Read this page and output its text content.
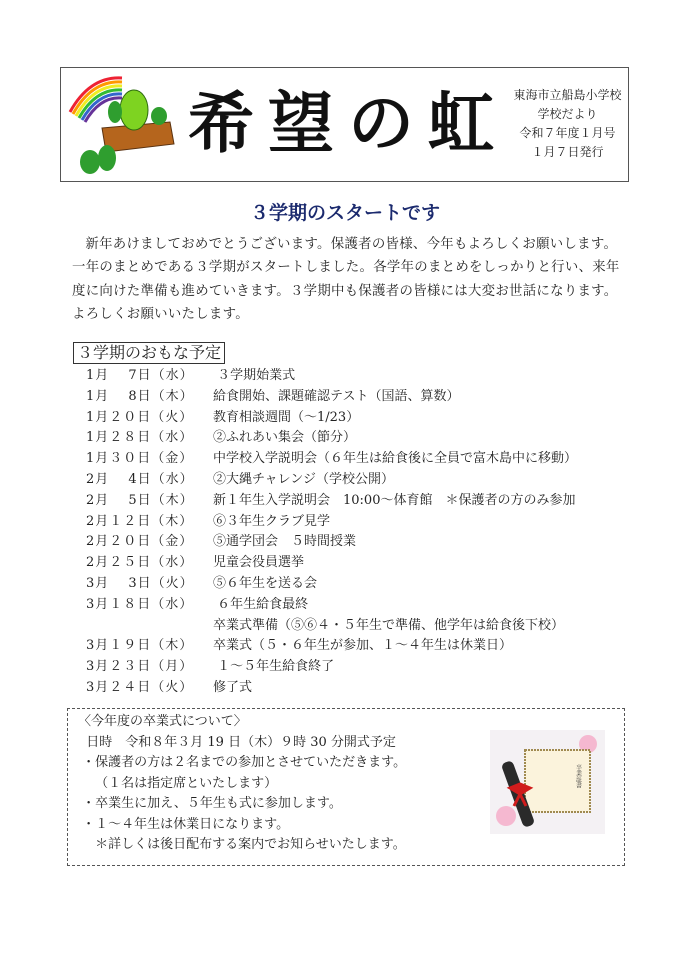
希望の虹 東海市立船島小学校
学校だより
令和７年度１月号
１月７日発行
３学期のスタートです
新年あけましておめでとうございます。保護者の皆様、今年もよろしくお願いします。一年のまとめである３学期がスタートしました。各学年のまとめをしっかりと行い、来年度に向けた準備も進めていきます。３学期中も保護者の皆様には大変お世話になります。よろしくお願いいたします。
３学期のおもな予定
1月　 7日（水）	３学期始業式
1月　 8日（木）	給食開始、課題確認テスト（国語、算数）
1月２０日（火）	教育相談週間（～1/23）
1月２８日（水）	②ふれあい集会（節分）
1月３０日（金）	中学校入学説明会（６年生は給食後に全員で富木島中に移動）
2月　 4日（水）	②大縄チャレンジ（学校公開）
2月　 5日（木）	新１年生入学説明会　10:00～体育館　＊保護者の方のみ参加
2月１２日（木）	⑥３年生クラブ見学
2月２０日（金）	⑤通学団会　５時間授業
2月２５日（水）	児童会役員選挙
3月　 3日（火）	⑤６年生を送る会
3月１８日（水）	６年生給食最終
卒業式準備（⑤⑥４・５年生で準備、他学年は給食後下校）
3月１９日（木）	卒業式（５・６年生が参加、１～４年生は休業日）
3月２３日（月）	１～５年生給食終了
3月２４日（火）	修了式
〈今年度の卒業式について〉
日時　令和８年３月 19 日（木）９時 30 分開式予定
・保護者の方は２名までの参加とさせていただきます。
　 （１名は指定席といたします）
・卒業生に加え、５年生も式に参加します。
・１～４年生は休業日になります。
　 ＊詳しくは後日配布する案内でお知らせいたします。
卒業証書
